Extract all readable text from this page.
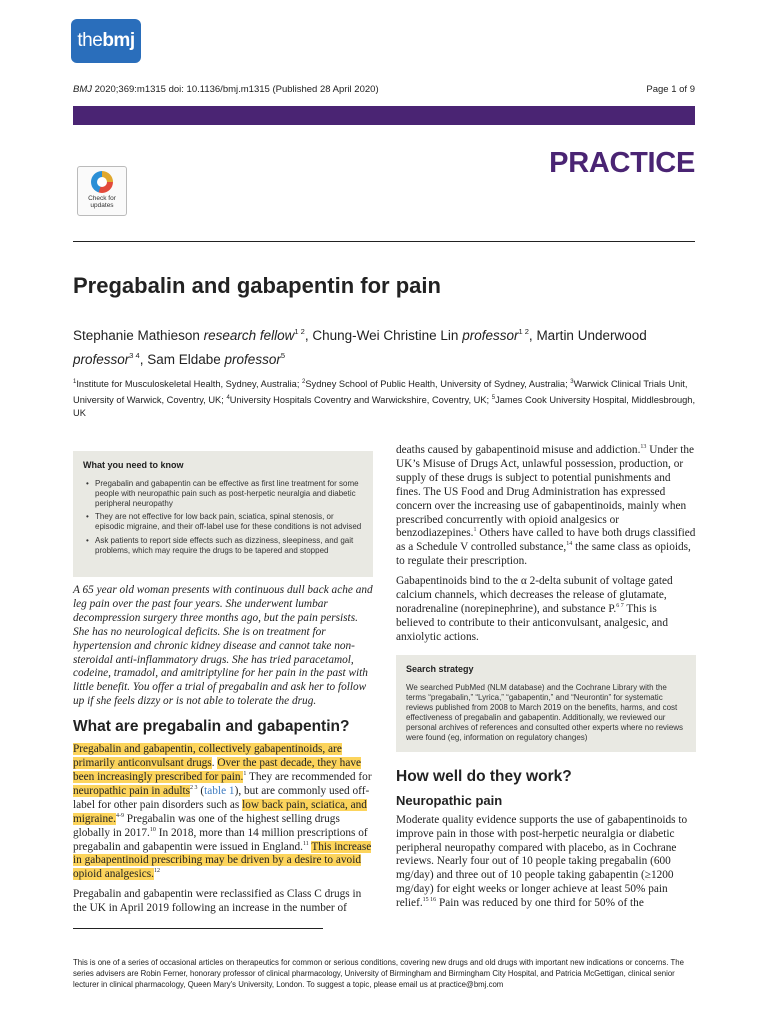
the bmj
BMJ 2020;369:m1315 doi: 10.1136/bmj.m1315 (Published 28 April 2020)	Page 1 of 9
PRACTICE
Check for updates
Pregabalin and gabapentin for pain
Stephanie Mathieson research fellow$^{1 2}$, Chung-Wei Christine Lin professor$^{1 2}$, Martin Underwood professor$^{3 4}$, Sam Eldabe professor$^5$
$^1$Institute for Musculoskeletal Health, Sydney, Australia; $^2$Sydney School of Public Health, University of Sydney, Australia; $^3$Warwick Clinical Trials Unit, University of Warwick, Coventry, UK; $^4$University Hospitals Coventry and Warwickshire, Coventry, UK; $^5$James Cook University Hospital, Middlesbrough, UK
What you need to know
• Pregabalin and gabapentin can be effective as first line treatment for some people with neuropathic pain such as post-herpetic neuralgia and diabetic peripheral neuropathy
• They are not effective for low back pain, sciatica, spinal stenosis, or episodic migraine, and their off-label use for these conditions is not advised
• Ask patients to report side effects such as dizziness, sleepiness, and gait problems, which may require the drugs to be tapered and stopped

A 65 year old woman presents with continuous dull back ache and leg pain over the past four years. She underwent lumbar decompression surgery three months ago, but the pain persists. She has no neurological deficits. She is on treatment for hypertension and chronic kidney disease and cannot take non-steroidal anti-inflammatory drugs. She has tried paracetamol, codeine, tramadol, and amitriptyline for her pain in the past with little benefit. You offer a trial of pregabalin and ask her to follow up if she feels dizzy or is not able to tolerate the drug.

What are pregabalin and gabapentin?

Pregabalin and gabapentin, collectively gabapentinoids, are primarily anticonvulsant drugs. Over the past decade, they have been increasingly prescribed for pain.$^1$ They are recommended for neuropathic pain in adults$^{2 3}$ (table 1), but are commonly used off-label for other pain disorders such as low back pain, sciatica, and migraine.$^{4-9}$ Pregabalin was one of the highest selling drugs globally in 2017.10 In 2018, more than 14 million prescriptions of pregabalin and gabapentin were issued in England.$^{11}$ This increase in gabapentinoid prescribing may be driven by a desire to avoid opioid analgesics.$^{12}$

Pregabalin and gabapentin were reclassified as Class C drugs in the UK in April 2019 following an increase in the number of

deaths caused by gabapentinoid misuse and addiction.$^{13}$ Under the UK’s Misuse of Drugs Act, unlawful possession, production, or supply of these drugs is subject to potential punishments and fines. The US Food and Drug Administration has expressed concern over the increasing use of gabapentinoids, mainly when prescribed concurrently with opioid analgesics or benzodiazepines.$^1$ Others have called to have both drugs classified as a Schedule V controlled substance,$^{14}$ the same class as opioids, to regulate their prescription.

Gabapentinoids bind to the α 2-delta subunit of voltage gated calcium channels, which decreases the release of glutamate, noradrenaline (norepinephrine), and substance P.$^{6 7}$ This is believed to contribute to their anticonvulsant, analgesic, and anxiolytic actions.

Search strategy

We searched PubMed (NLM database) and the Cochrane Library with the terms “pregabalin,” “Lyrica,” “gabapentin,” and “Neurontin” for systematic reviews published from 2008 to March 2019 on the benefits, harms, and cost effectiveness of pregabalin and gabapentin. Additionally, we reviewed our personal archives of references and consulted other experts where no reviews were found (eg, information on regulatory changes)

How well do they work?
Neuropathic pain

Moderate quality evidence supports the use of gabapentinoids to improve pain in those with post-herpetic neuralgia or diabetic peripheral neuropathy compared with placebo, as in Cochrane reviews. Nearly four out of 10 people taking pregabalin (600 mg/day) and three out of 10 people taking gabapentin (≥1200 mg/day) for eight weeks or longer achieve at least 50% pain relief.$^{15 16}$ Pain was reduced by one third for 50% of the

This is one of a series of occasional articles on therapeutics for common or serious conditions, covering new drugs and old drugs with important new indications or concerns. The series advisers are Robin Ferner, honorary professor of clinical pharmacology, University of Birmingham and Birmingham City Hospital, and Patricia McGettigan, clinical senior lecturer in clinical pharmacology, Queen Mary’s University, London. To suggest a topic, please email us at practice@bmj.com
